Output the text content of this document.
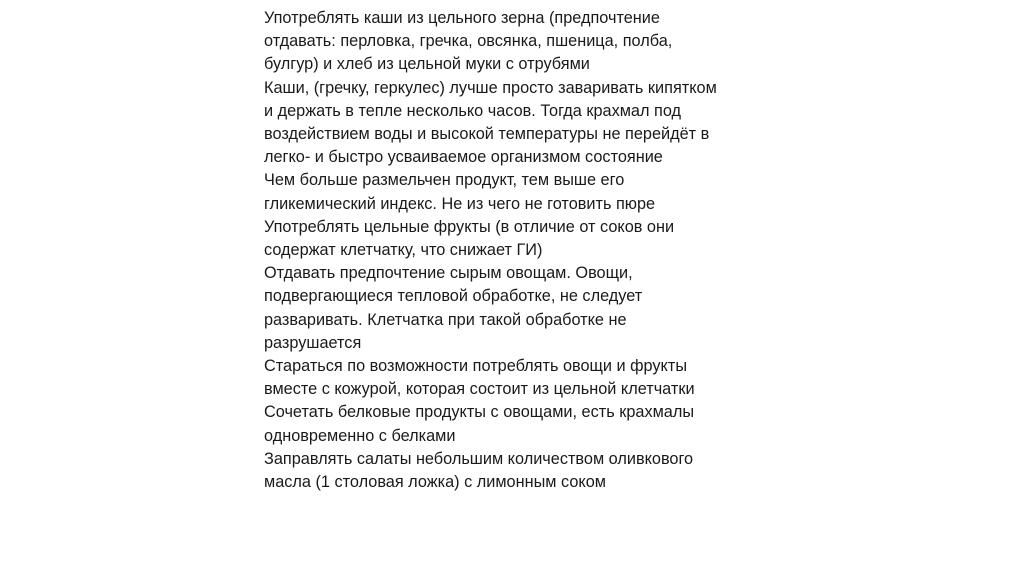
Употреблять каши из цельного зерна (предпочтение
отдавать: перловка, гречка, овсянка, пшеница, полба,
булгур) и хлеб из цельной муки с отрубями
Каши, (гречку, геркулес) лучше просто заваривать кипятком
и держать в тепле несколько часов. Тогда крахмал под
воздействием воды и высокой температуры не перейдёт в
легко- и быстро усваиваемое организмом состояние
Чем больше размельчен продукт, тем выше его
гликемический индекс. Не из чего не готовить пюре
Употреблять цельные фрукты (в отличие от соков они
содержат клетчатку, что снижает ГИ)
Отдавать предпочтение сырым овощам. Овощи,
подвергающиеся тепловой обработке, не следует
разваривать. Клетчатка при такой обработке не
разрушается
Стараться по возможности потреблять овощи и фрукты
вместе с кожурой, которая состоит из цельной клетчатки
Сочетать белковые продукты с овощами, есть крахмалы
одновременно с белками
Заправлять салаты небольшим количеством оливкового
масла (1 столовая ложка) с лимонным соком
